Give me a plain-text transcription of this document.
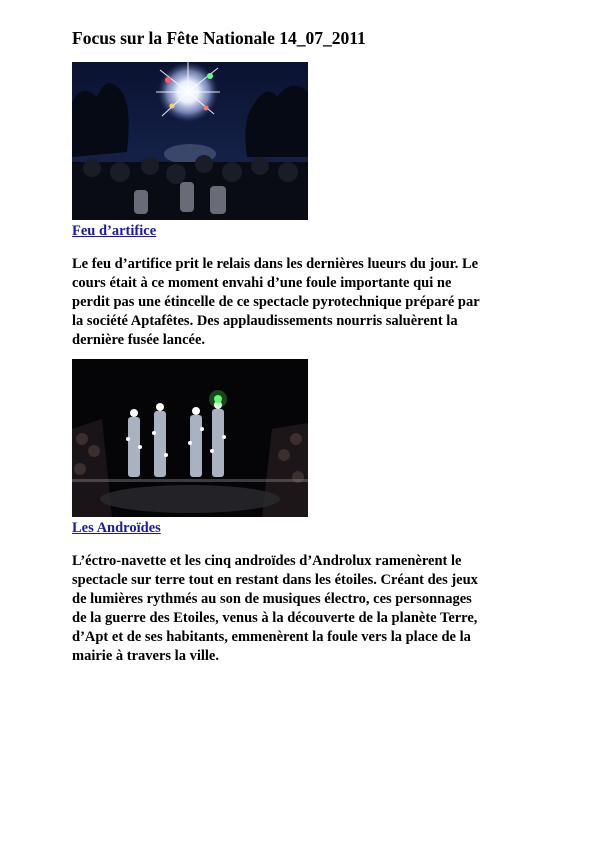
Focus sur la Fête Nationale 14_07_2011

Feu d’artifice

Le feu d’artifice prit le relais dans les dernières lueurs du jour. Le
cours était à ce moment envahi d’une foule importante qui ne
perdit pas une étincelle de ce spectacle pyrotechnique préparé par
la société Aptafêtes. Des applaudissements nourris saluèrent la
dernière fusée lancée.

Les Androïdes

L’éctro-navette et les cinq androïdes d’Androlux ramenèrent le
spectacle sur terre tout en restant dans les étoiles. Créant des jeux
de lumières rythmés au son de musiques électro, ces personnages
de la guerre des Etoiles, venus à la découverte de la planète Terre,
d’Apt et de ses habitants, emmenèrent la foule vers la place de la
mairie à travers la ville.
